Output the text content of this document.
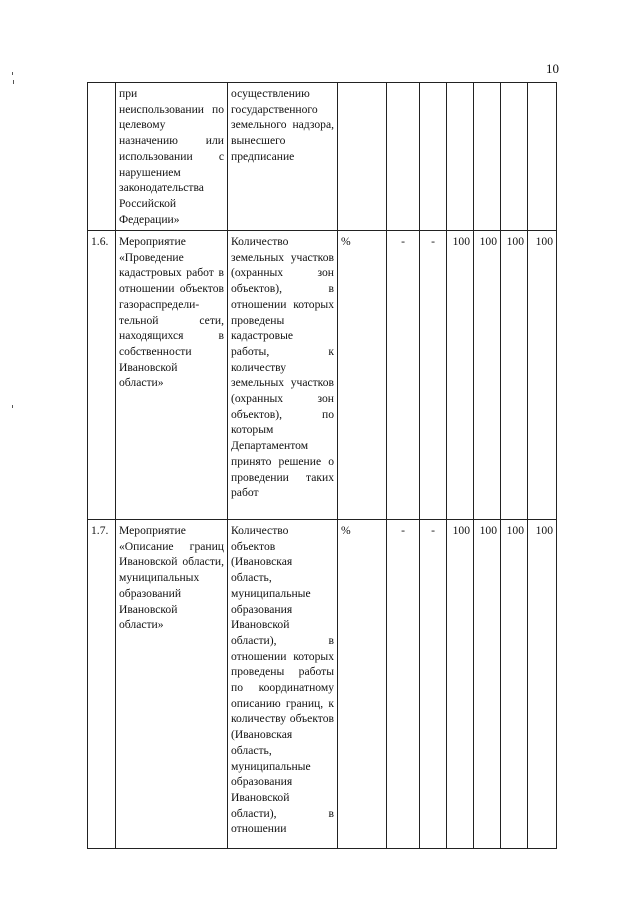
10
	при неиспользовании по целевому назначению или использовании с нарушением законодательства Российской Федерации»	осуществлению государственного земельного надзора, вынесшего предписание							
1.6.	Мероприятие «Проведение кадастровых работ в отношении объектов газораспредели-тельной сети, находящихся в собственности Ивановской области»	Количество земельных участков (охранных зон объектов), в отношении которых проведены кадастровые работы, к количеству земельных участков (охранных зон объектов), по которым Департаментом принято решение о проведении таких работ	%	-	-	100	100	100	100
1.7.	Мероприятие «Описание границ Ивановской области, муниципальных образований Ивановской области»	Количество объектов (Ивановская область, муниципальные образования Ивановской области), в отношении которых проведены работы по координатному описанию границ, к количеству объектов (Ивановская область, муниципальные образования Ивановской области), в отношении	%	-	-	100	100	100	100
